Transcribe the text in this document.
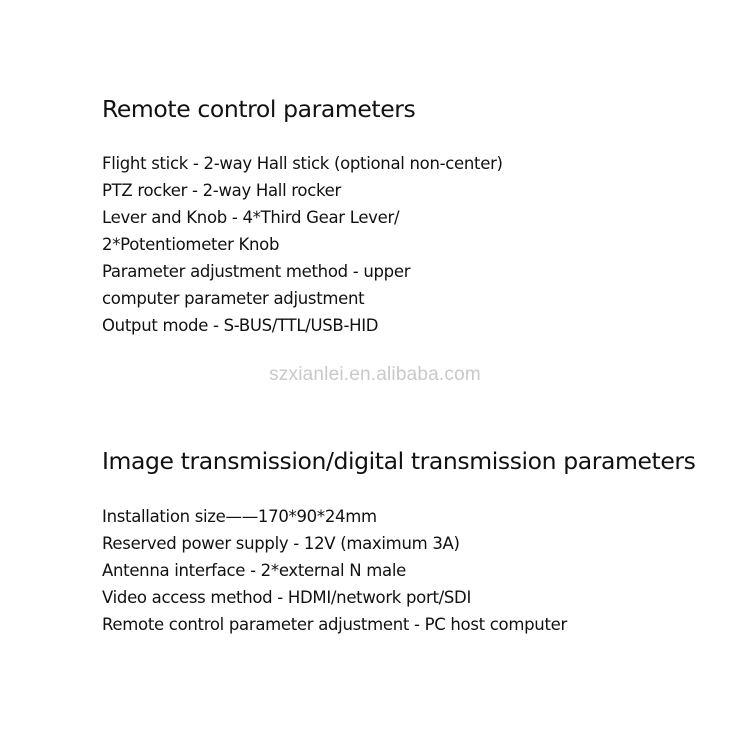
Remote control parameters
Flight stick - 2-way Hall stick (optional non-center)
PTZ rocker - 2-way Hall rocker
Lever and Knob - 4*Third Gear Lever/
2*Potentiometer Knob
Parameter adjustment method - upper
computer parameter adjustment
Output mode - S-BUS/TTL/USB-HID
szxianlei.en.alibaba.com
Image transmission/digital transmission parameters
Installation size——170*90*24mm
Reserved power supply - 12V (maximum 3A)
Antenna interface - 2*external N male
Video access method - HDMI/network port/SDI
Remote control parameter adjustment - PC host computer
